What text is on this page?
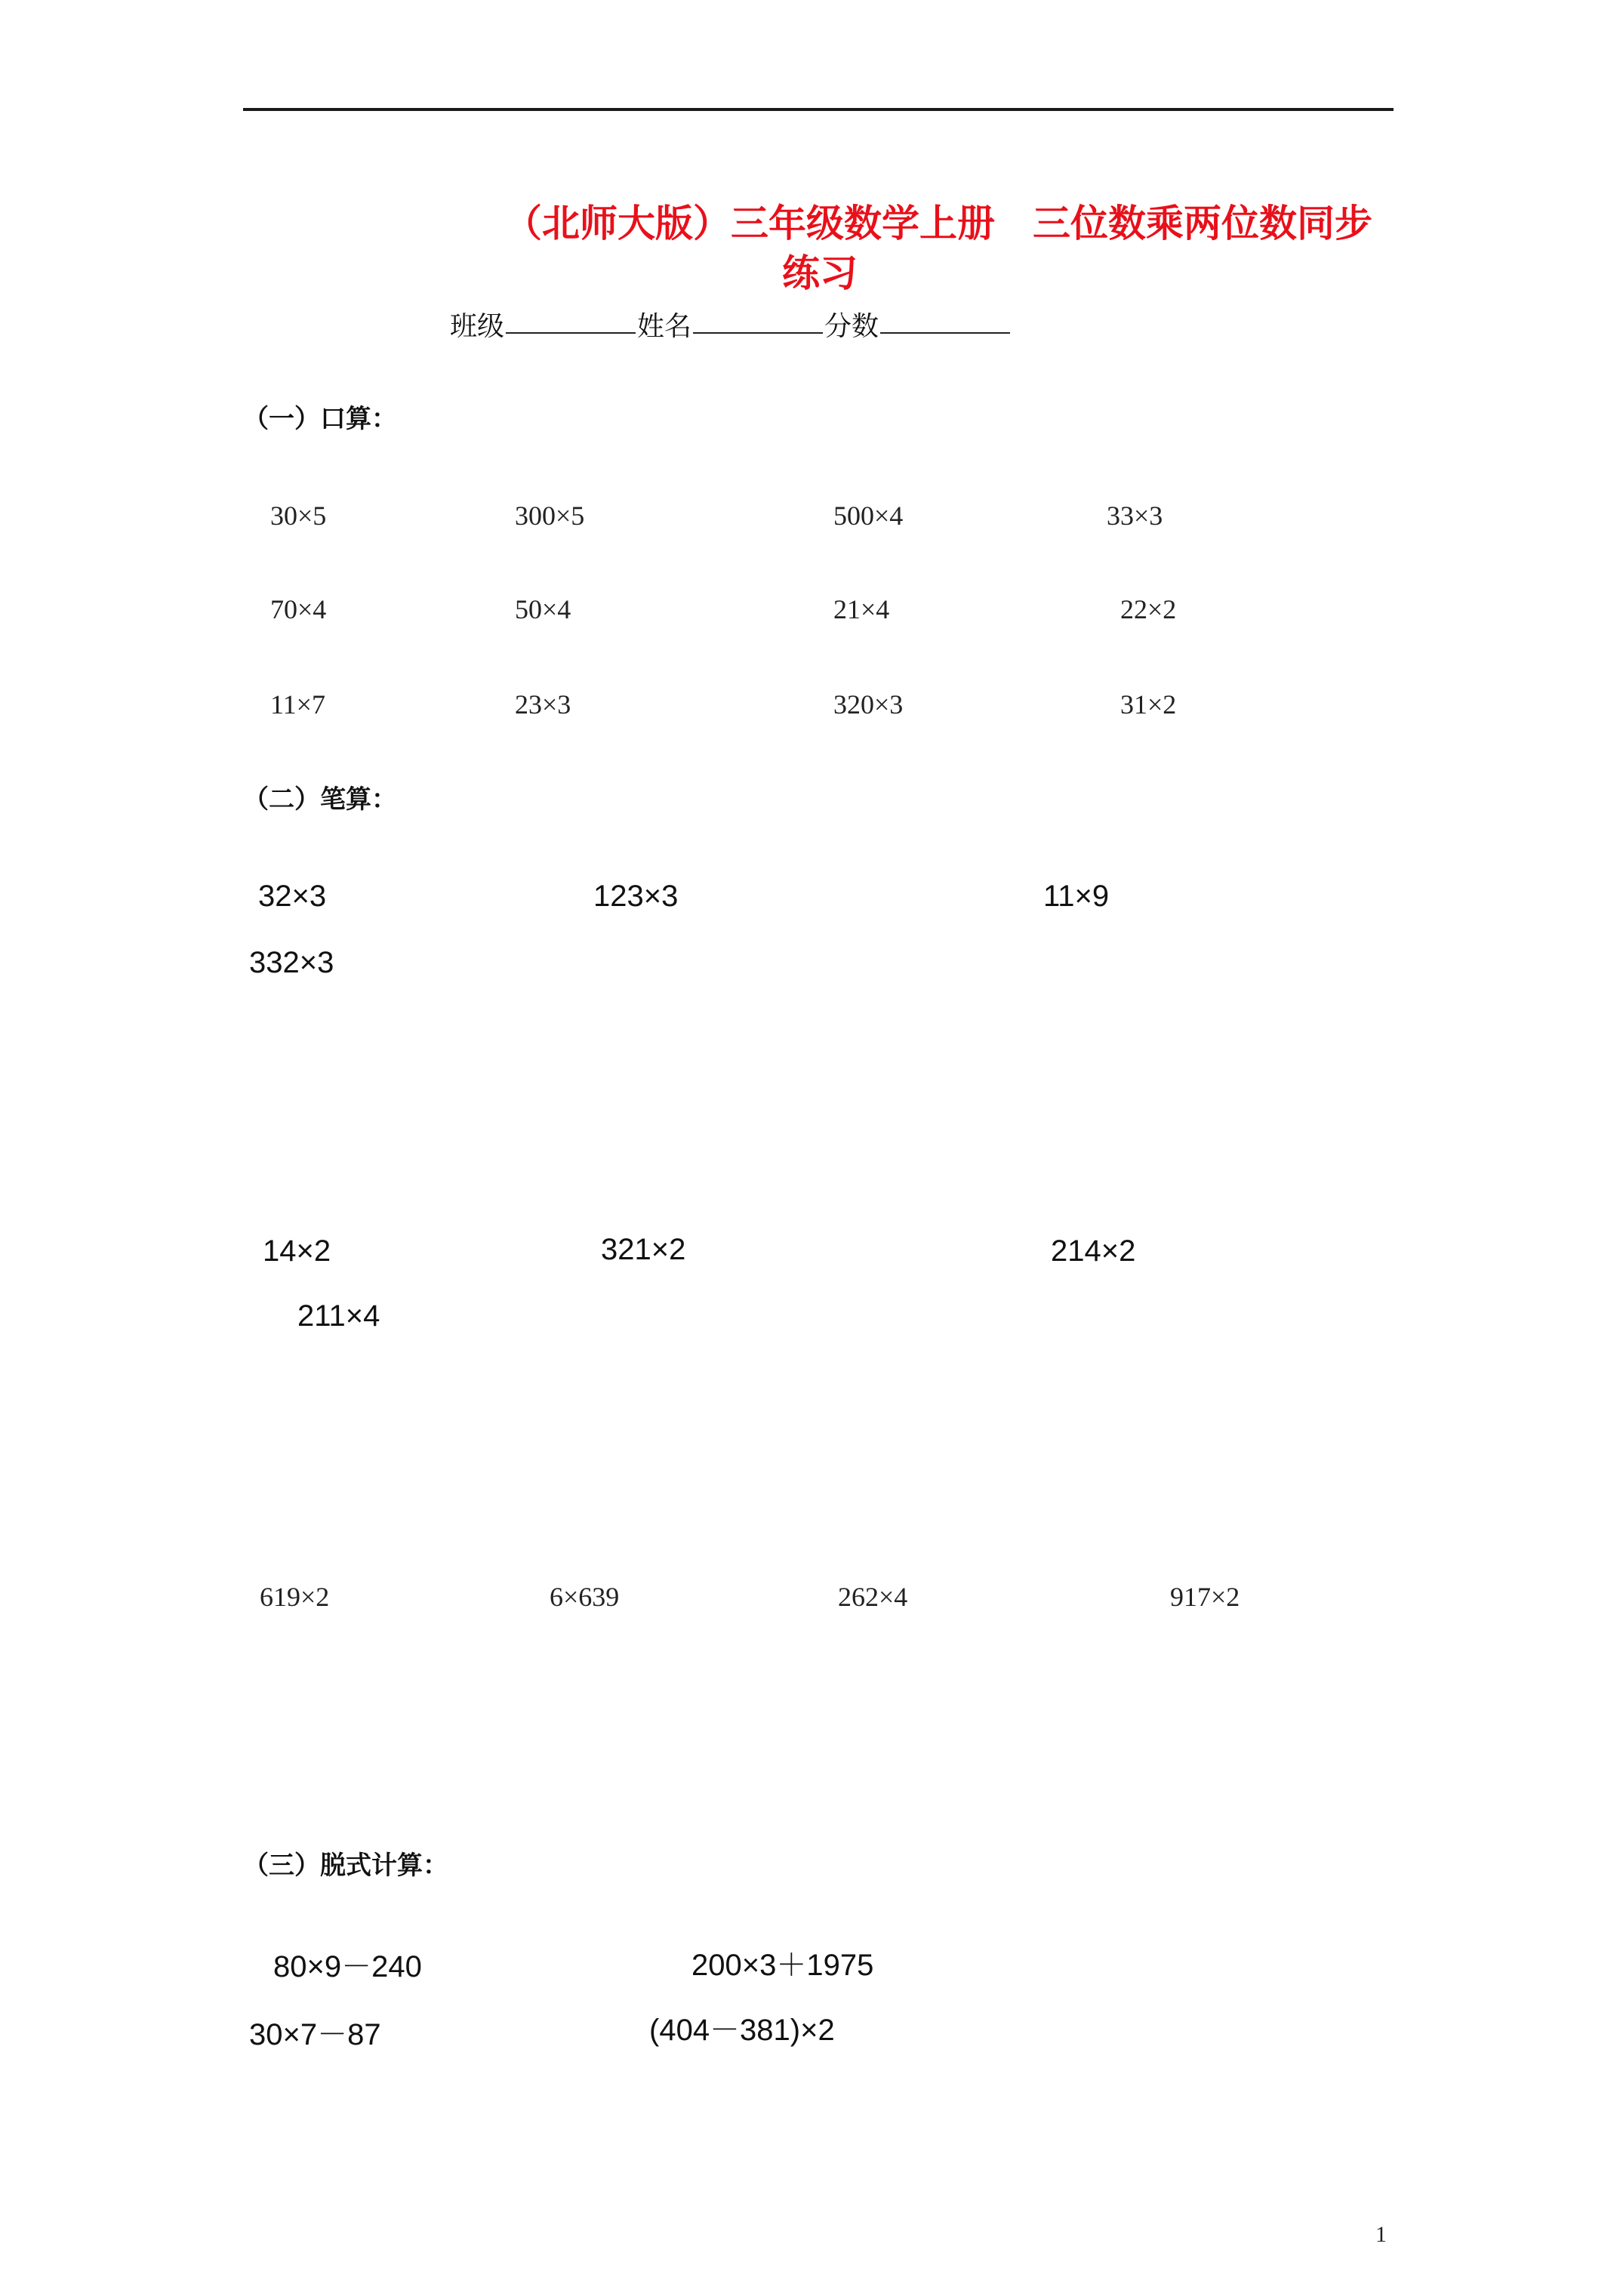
（北师大版）三年级数学上册　三位数乘两位数同步
练习
班级	姓名	分数
（一）口算：
30×5	300×5	500×4	33×3
70×4	50×4	21×4	22×2
11×7	23×3	320×3	31×2
（二）笔算：
32×3	123×3	11×9
332×3
14×2	321×2	214×2
211×4
619×2	6×639	262×4	917×2
（三）脱式计算：
80×9－240	200×3＋1975
30×7－87	(404－381)×2
1
